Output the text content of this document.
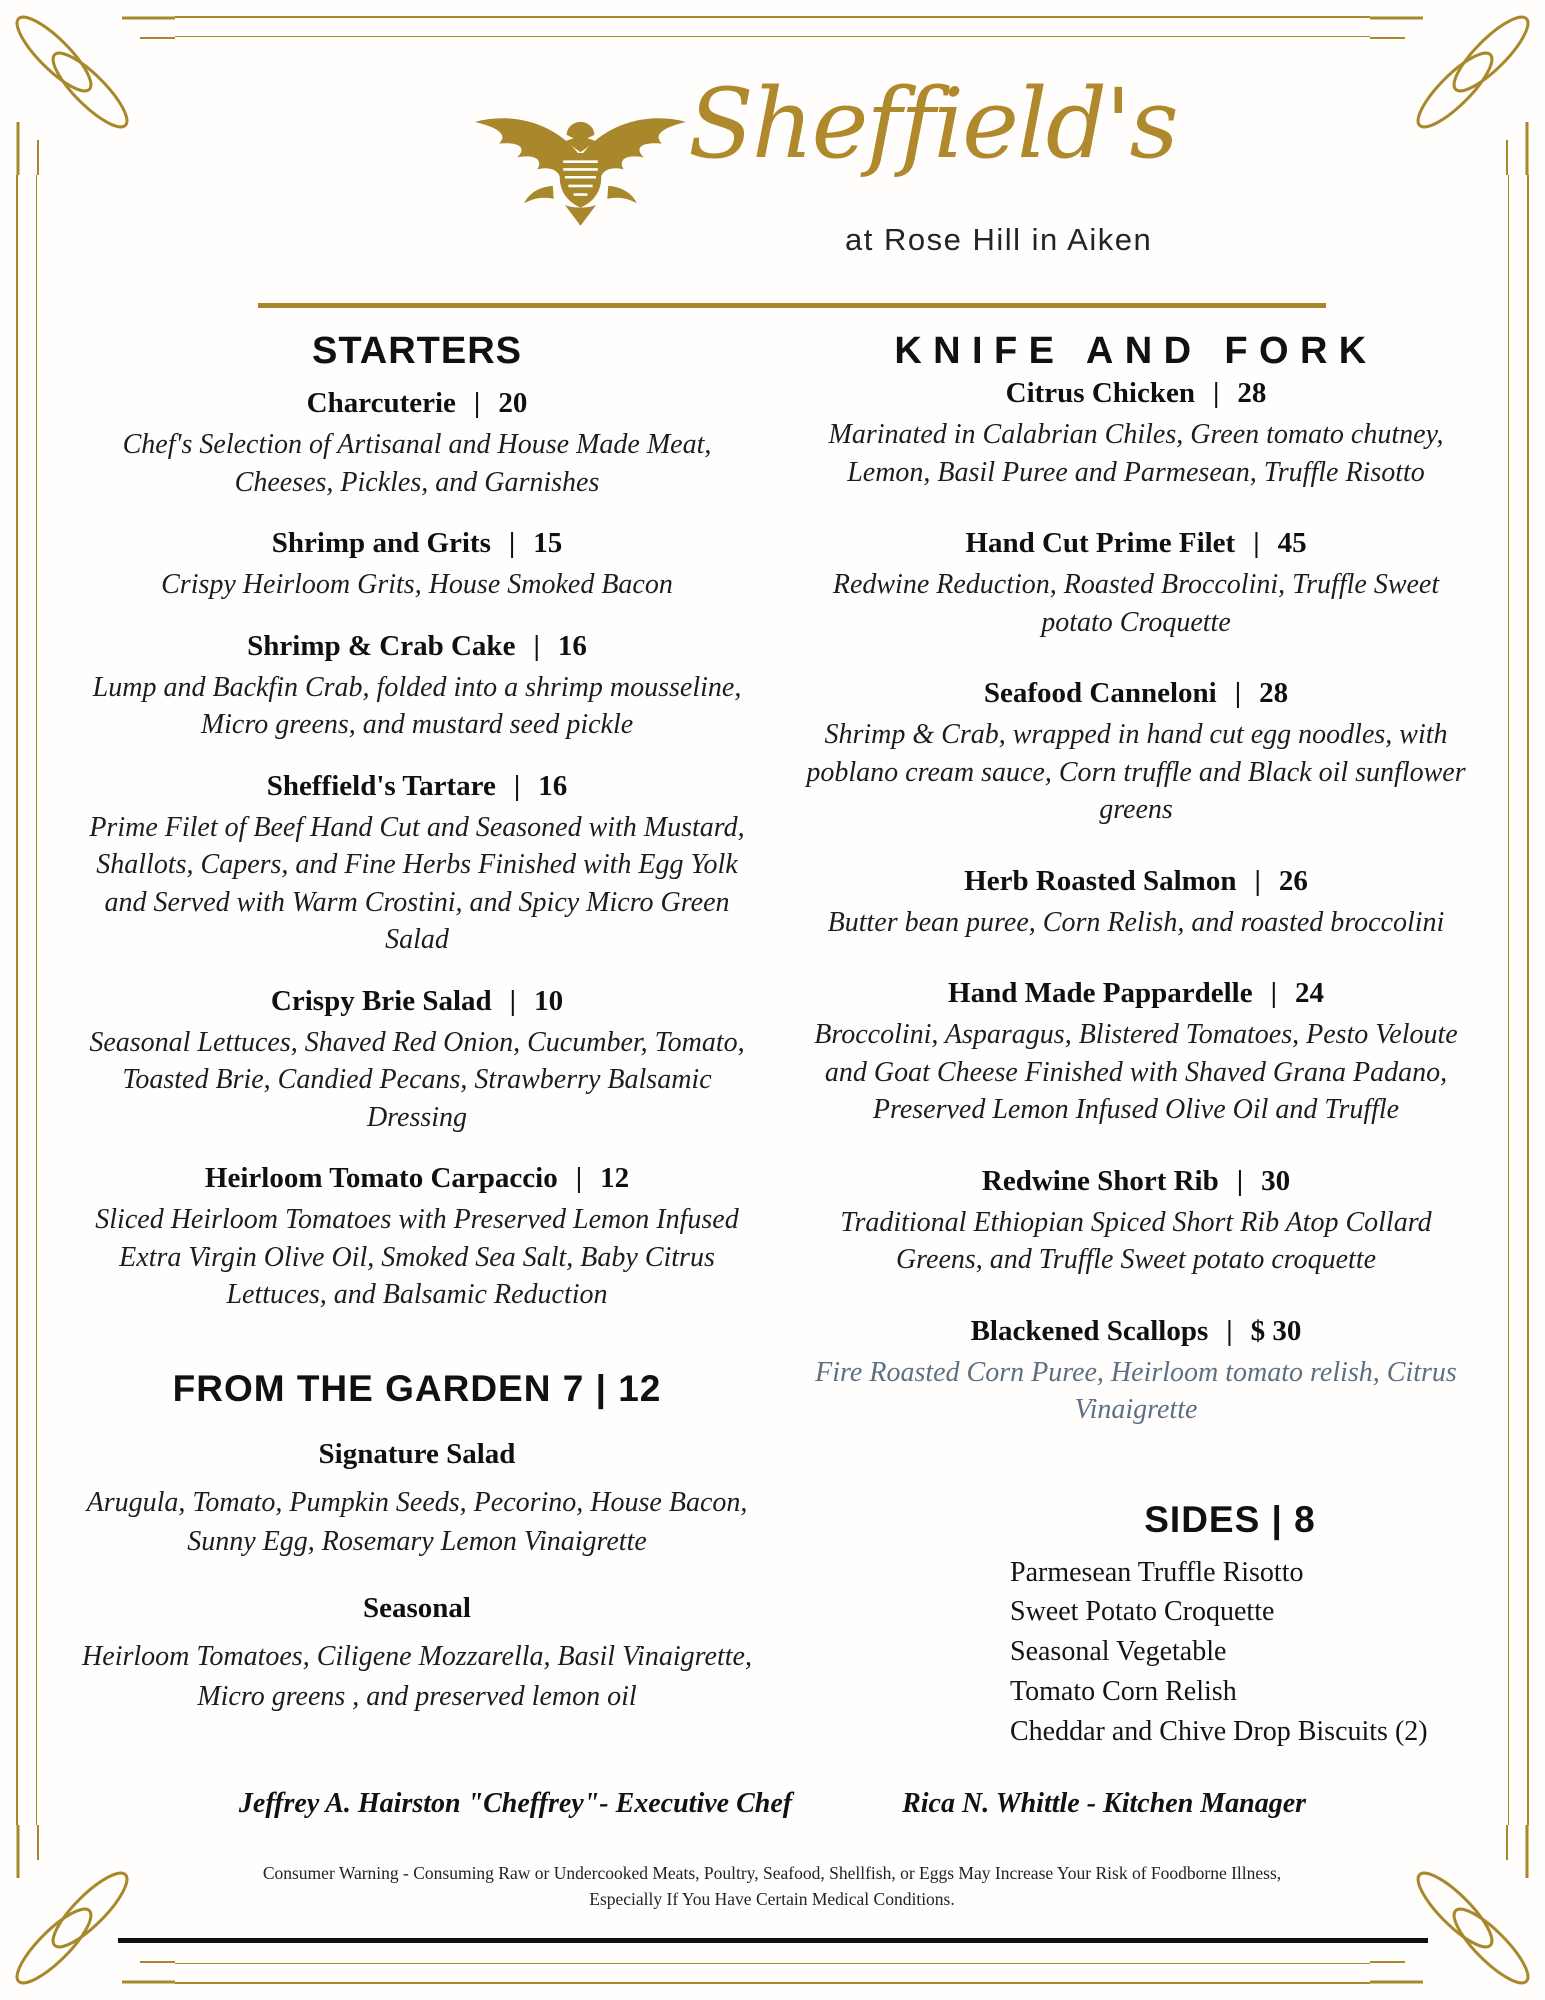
Sheffield's
at Rose Hill in Aiken
STARTERS
Charcuterie | 20
Chef's Selection of Artisanal and House Made Meat, Cheeses, Pickles, and Garnishes
Shrimp and Grits | 15
Crispy Heirloom Grits, House Smoked Bacon
Shrimp & Crab Cake | 16
Lump and Backfin Crab, folded into a shrimp mousseline, Micro greens, and mustard seed pickle
Sheffield's Tartare | 16
Prime Filet of Beef Hand Cut and Seasoned with Mustard, Shallots, Capers, and Fine Herbs Finished with Egg Yolk and Served with Warm Crostini, and Spicy Micro Green Salad
Crispy Brie Salad | 10
Seasonal Lettuces, Shaved Red Onion, Cucumber, Tomato, Toasted Brie, Candied Pecans, Strawberry Balsamic Dressing
Heirloom Tomato Carpaccio | 12
Sliced Heirloom Tomatoes with Preserved Lemon Infused Extra Virgin Olive Oil, Smoked Sea Salt, Baby Citrus Lettuces, and Balsamic Reduction
FROM THE GARDEN 7 | 12
Signature Salad
Arugula, Tomato, Pumpkin Seeds, Pecorino, House Bacon, Sunny Egg, Rosemary Lemon Vinaigrette
Seasonal
Heirloom Tomatoes, Ciligene Mozzarella, Basil Vinaigrette, Micro greens , and preserved lemon oil
KNIFE AND FORK
Citrus Chicken | 28
Marinated in Calabrian Chiles, Green tomato chutney, Lemon, Basil Puree and Parmesean, Truffle Risotto
Hand Cut Prime Filet | 45
Redwine Reduction, Roasted Broccolini, Truffle Sweet potato Croquette
Seafood Canneloni | 28
Shrimp & Crab, wrapped in hand cut egg noodles, with poblano cream sauce, Corn truffle and Black oil sunflower greens
Herb Roasted Salmon | 26
Butter bean puree, Corn Relish, and roasted broccolini
Hand Made Pappardelle | 24
Broccolini, Asparagus, Blistered Tomatoes, Pesto Veloute and Goat Cheese Finished with Shaved Grana Padano, Preserved Lemon Infused Olive Oil and Truffle
Redwine Short Rib | 30
Traditional Ethiopian Spiced Short Rib Atop Collard Greens, and Truffle Sweet potato croquette
Blackened Scallops | $ 30
Fire Roasted Corn Puree, Heirloom tomato relish, Citrus Vinaigrette
SIDES | 8
Parmesean Truffle Risotto
Sweet Potato Croquette
Seasonal Vegetable
Tomato Corn Relish
Cheddar and Chive Drop Biscuits (2)
Jeffrey A. Hairston "Cheffrey"- Executive Chef	Rica N. Whittle - Kitchen Manager
Consumer Warning - Consuming Raw or Undercooked Meats, Poultry, Seafood, Shellfish, or Eggs May Increase Your Risk of Foodborne Illness,
Especially If You Have Certain Medical Conditions.
